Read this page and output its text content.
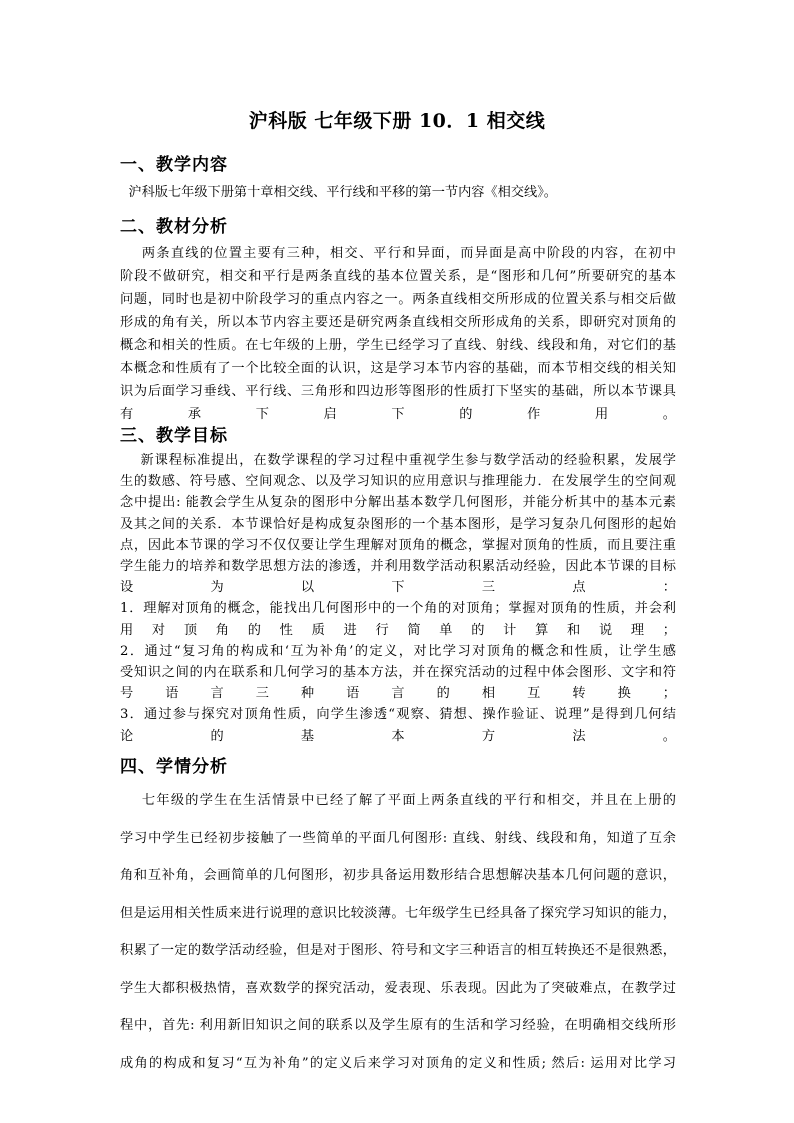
沪科版 七年级下册 10．1 相交线
一、教学内容
沪科版七年级下册第十章相交线、平行线和平移的第一节内容《相交线》。
二、教材分析
两条直线的位置主要有三种，相交、平行和异面，而异面是高中阶段的内容，在初中
阶段不做研究，相交和平行是两条直线的基本位置关系，是“图形和几何”所要研究的基本
问题，同时也是初中阶段学习的重点内容之一。两条直线相交所形成的位置关系与相交后做
形成的角有关，所以本节内容主要还是研究两条直线相交所形成角的关系，即研究对顶角的
概念和相关的性质。在七年级的上册，学生已经学习了直线、射线、线段和角，对它们的基
本概念和性质有了一个比较全面的认识，这是学习本节内容的基础，而本节相交线的相关知
识为后面学习垂线、平行线、三角形和四边形等图形的性质打下坚实的基础，所以本节课具
有承下启下的作用。
三、教学目标
新课程标准提出，在数学课程的学习过程中重视学生参与数学活动的经验积累，发展学
生的数感、符号感、空间观念、以及学习知识的应用意识与推理能力．在发展学生的空间观
念中提出: 能教会学生从复杂的图形中分解出基本数学几何图形，并能分析其中的基本元素
及其之间的关系．本节课恰好是构成复杂图形的一个基本图形，是学习复杂几何图形的起始
点，因此本节课的学习不仅仅要让学生理解对顶角的概念，掌握对顶角的性质，而且要注重
学生能力的培养和数学思想方法的渗透，并利用数学活动积累活动经验，因此本节课的目标
设为以下三点：
1．理解对顶角的概念，能找出几何图形中的一个角的对顶角；掌握对顶角的性质，并会利
用对顶角的性质进行简单的计算和说理；
2．通过“复习角的构成和‘互为补角’的定义，对比学习对顶角的概念和性质，让学生感
受知识之间的内在联系和几何学习的基本方法，并在探究活动的过程中体会图形、文字和符
号语言三种语言的相互转换；
3．通过参与探究对顶角性质，向学生渗透“观察、猜想、操作验证、说理”是得到几何结
论的基本方法。
四、学情分析
七年级的学生在生活情景中已经了解了平面上两条直线的平行和相交，并且在上册的
学习中学生已经初步接触了一些简单的平面几何图形: 直线、射线、线段和角，知道了互余
角和互补角，会画简单的几何图形，初步具备运用数形结合思想解决基本几何问题的意识，
但是运用相关性质来进行说理的意识比较淡薄。七年级学生已经具备了探究学习知识的能力，
积累了一定的数学活动经验，但是对于图形、符号和文字三种语言的相互转换还不是很熟悉，
学生大都积极热情，喜欢数学的探究活动，爱表现、乐表现。因此为了突破难点，在教学过
程中，首先: 利用新旧知识之间的联系以及学生原有的生活和学习经验，在明确相交线所形
成角的构成和复习“互为补角”的定义后来学习对顶角的定义和性质; 然后: 运用对比学习
